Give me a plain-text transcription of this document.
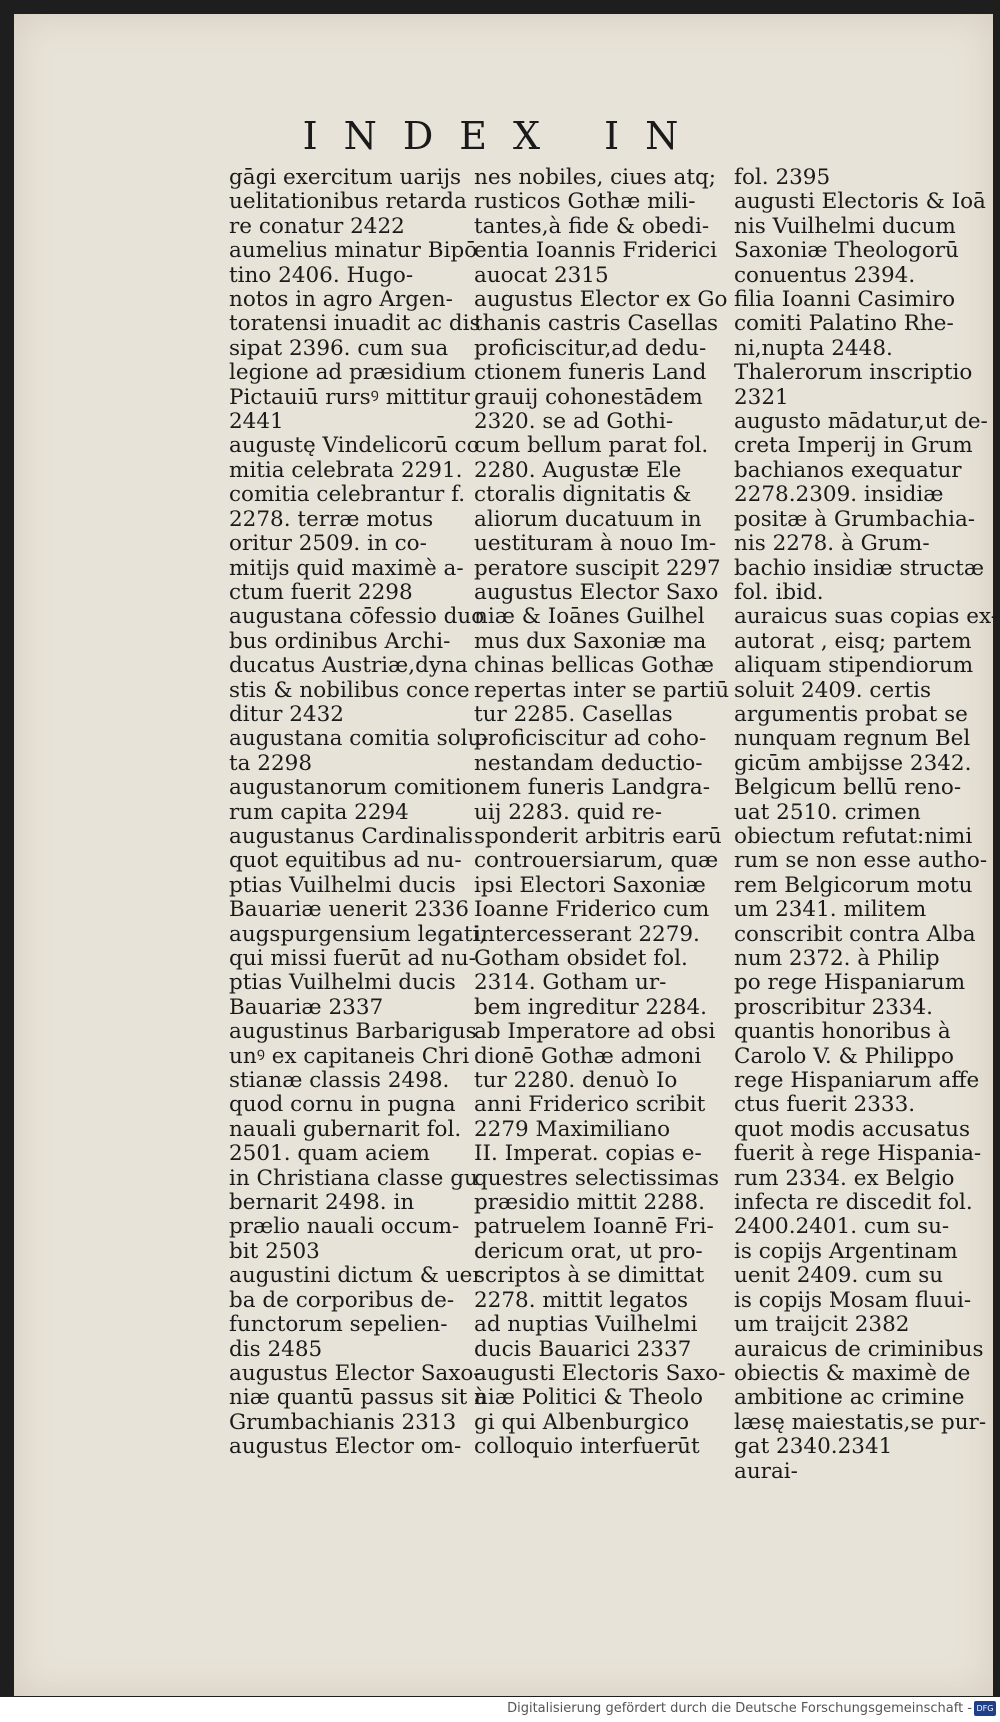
INDEX IN
gāgi exercitum uarijs
uelitationibus retarda
re conatur 2422
aumelius minatur Bipō
tino 2406. Hugo-
notos in agro Argen-
toratensi inuadit ac dis
sipat 2396. cum sua
legione ad præsidium
Pictauiū rursꝰ mittitur
2441
augustę Vindelicorū co
mitia celebrata 2291.
comitia celebrantur f.
2278. terræ motus
oritur 2509. in co-
mitijs quid maximè a-
ctum fuerit 2298
augustana cōfessio duo
bus ordinibus Archi-
ducatus Austriæ,dyna
stis & nobilibus conce
ditur 2432
augustana comitia solu-
ta 2298
augustanorum comitio
rum capita 2294
augustanus Cardinalis
quot equitibus ad nu-
ptias Vuilhelmi ducis
Bauariæ uenerit 2336
augspurgensium legati,
qui missi fuerūt ad nu-
ptias Vuilhelmi ducis
Bauariæ 2337
augustinus Barbarigus
unꝰ ex capitaneis Chri
stianæ classis 2498.
quod cornu in pugna
nauali gubernarit fol.
2501. quam aciem
in Christiana classe gu
bernarit 2498. in
prælio nauali occum-
bit 2503
augustini dictum & uer
ba de corporibus de-
functorum sepelien-
dis 2485
augustus Elector Saxo-
niæ quantū passus sit à
Grumbachianis 2313
augustus Elector om-
nes nobiles, ciues atq;
rusticos Gothæ mili-
tantes,à fide & obedi-
entia Ioannis Friderici
auocat 2315
augustus Elector ex Go
thanis castris Casellas
proficiscitur,ad dedu-
ctionem funeris Land
grauij cohonestādem
2320. se ad Gothi-
cum bellum parat fol.
2280. Augustæ Ele
ctoralis dignitatis &
aliorum ducatuum in
uestituram à nouo Im-
peratore suscipit 2297
augustus Elector Saxo
niæ & Ioānes Guilhel
mus dux Saxoniæ ma
chinas bellicas Gothæ
repertas inter se partiū
tur 2285. Casellas
proficiscitur ad coho-
nestandam deductio-
nem funeris Landgra-
uij 2283. quid re-
sponderit arbitris earū
controuersiarum, quæ
ipsi Electori Saxoniæ
Ioanne Friderico cum
intercesserant 2279.
Gotham obsidet fol.
2314. Gotham ur-
bem ingreditur 2284.
ab Imperatore ad obsi
dionē Gothæ admoni
tur 2280. denuò Io
anni Friderico scribit
2279 Maximiliano
II. Imperat. copias e-
questres selectissimas
præsidio mittit 2288.
patruelem Ioannē Fri-
dericum orat, ut pro-
scriptos à se dimittat
2278. mittit legatos
ad nuptias Vuilhelmi
ducis Bauarici 2337
augusti Electoris Saxo-
niæ Politici & Theolo
gi qui Albenburgico
colloquio interfuerūt
fol. 2395
augusti Electoris & Ioā
nis Vuilhelmi ducum
Saxoniæ Theologorū
conuentus 2394.
filia Ioanni Casimiro
comiti Palatino Rhe-
ni,nupta 2448.
Thalerorum inscriptio
2321
augusto mādatur,ut de-
creta Imperij in Grum
bachianos exequatur
2278.2309. insidiæ
positæ à Grumbachia-
nis 2278. à Grum-
bachio insidiæ structæ
fol. ibid.
auraicus suas copias ex-
autorat , eisq; partem
aliquam stipendiorum
soluit 2409. certis
argumentis probat se
nunquam regnum Bel
gicūm ambijsse 2342.
Belgicum bellū reno-
uat 2510. crimen
obiectum refutat:nimi
rum se non esse autho-
rem Belgicorum motu
um 2341. militem
conscribit contra Alba
num 2372. à Philip
po rege Hispaniarum
proscribitur 2334.
quantis honoribus à
Carolo V. & Philippo
rege Hispaniarum affe
ctus fuerit 2333.
quot modis accusatus
fuerit à rege Hispania-
rum 2334. ex Belgio
infecta re discedit fol.
2400.2401. cum su-
is copijs Argentinam
uenit 2409. cum su
is copijs Mosam fluui-
um traijcit 2382
auraicus de criminibus
obiectis & maximè de
ambitione ac crimine
læsę maiestatis,se pur-
gat 2340.2341
aurai-
Digitalisierung gefördert durch die Deutsche Forschungsgemeinschaft - DFG
